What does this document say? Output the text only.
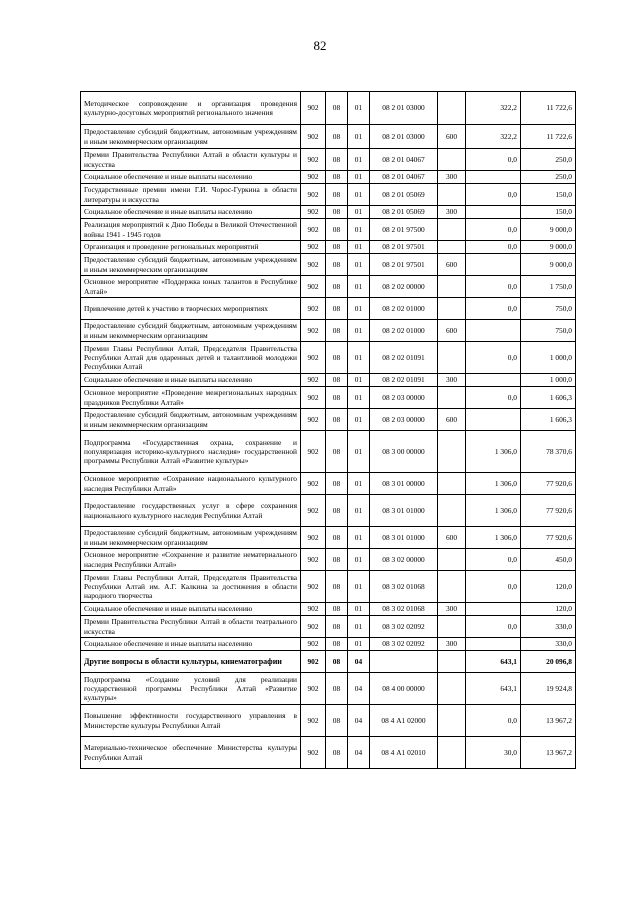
82
Методическое сопровождение и организация проведения культурно-досуговых мероприятий регионального значения	902	08	01	08 2 01 03000		322,2	11 722,6
Предоставление субсидий бюджетным, автономным учреждениям и иным некоммерческим организациям	902	08	01	08 2 01 03000	600	322,2	11 722,6
Премии Правительства Республики Алтай в области культуры и искусства	902	08	01	08 2 01 04067		0,0	250,0
Социальное обеспечение и иные выплаты населению	902	08	01	08 2 01 04067	300		250,0
Государственные премии имени Г.И. Чорос-Гуркина в области литературы и искусства	902	08	01	08 2 01 05069		0,0	150,0
Социальное обеспечение и иные выплаты населению	902	08	01	08 2 01 05069	300		150,0
Реализация мероприятий к Дню Победы в Великой Отечественной войны 1941 - 1945 годов	902	08	01	08 2 01 97500		0,0	9 000,0
Организация и проведение региональных мероприятий	902	08	01	08 2 01 97501		0,0	9 000,0
Предоставление субсидий бюджетным, автономным учреждениям и иным некоммерческим организациям	902	08	01	08 2 01 97501	600		9 000,0
Основное мероприятие «Поддержка юных талантов в Республике Алтай»	902	08	01	08 2 02 00000		0,0	1 750,0
Привлечение детей к участию в творческих мероприятиях	902	08	01	08 2 02 01000		0,0	750,0
Предоставление субсидий бюджетным, автономным учреждениям и иным некоммерческим организациям	902	08	01	08 2 02 01000	600		750,0
Премии Главы Республики Алтай, Председателя Правительства Республики Алтай для одаренных детей и талантливой молодежи Республики Алтай	902	08	01	08 2 02 01091		0,0	1 000,0
Социальное обеспечение и иные выплаты населению	902	08	01	08 2 02 01091	300		1 000,0
Основное мероприятие «Проведение межрегиональных народных праздников Республики Алтай»	902	08	01	08 2 03 00000		0,0	1 606,3
Предоставление субсидий бюджетным, автономным учреждениям и иным некоммерческим организациям	902	08	01	08 2 03 00000	600		1 606,3
Подпрограмма «Государственная охрана, сохранение и популяризация историко-культурного наследия» государственной программы Республики Алтай «Развитие культуры»	902	08	01	08 3 00 00000		1 306,0	78 370,6
Основное мероприятие «Сохранение национального культурного наследия Республики Алтай»	902	08	01	08 3 01 00000		1 306,0	77 920,6
Предоставление государственных услуг в сфере сохранения национального культурного наследия Республики Алтай	902	08	01	08 3 01 01000		1 306,0	77 920,6
Предоставление субсидий бюджетным, автономным учреждениям и иным некоммерческим организациям	902	08	01	08 3 01 01000	600	1 306,0	77 920,6
Основное мероприятие «Сохранение и развитие нематериального наследия Республики Алтай»	902	08	01	08 3 02 00000		0,0	450,0
Премии Главы Республики Алтай, Председателя Правительства Республики Алтай им. А.Г. Калкина за достижения в области народного творчества	902	08	01	08 3 02 01068		0,0	120,0
Социальное обеспечение и иные выплаты населению	902	08	01	08 3 02 01068	300		120,0
Премии Правительства Республики Алтай в области театрального искусства	902	08	01	08 3 02 02092		0,0	330,0
Социальное обеспечение и иные выплаты населению	902	08	01	08 3 02 02092	300		330,0
Другие вопросы в области культуры, кинематографии	902	08	04			643,1	20 096,8
Подпрограмма «Создание условий для реализации государственной программы Республики Алтай «Развитие культуры»	902	08	04	08 4 00 00000		643,1	19 924,8
Повышение эффективности государственного управления в Министерстве культуры Республики Алтай	902	08	04	08 4 А1 02000		0,0	13 967,2
Материально-техническое обеспечение Министерства культуры Республики Алтай	902	08	04	08 4 А1 02010		30,0	13 967,2
